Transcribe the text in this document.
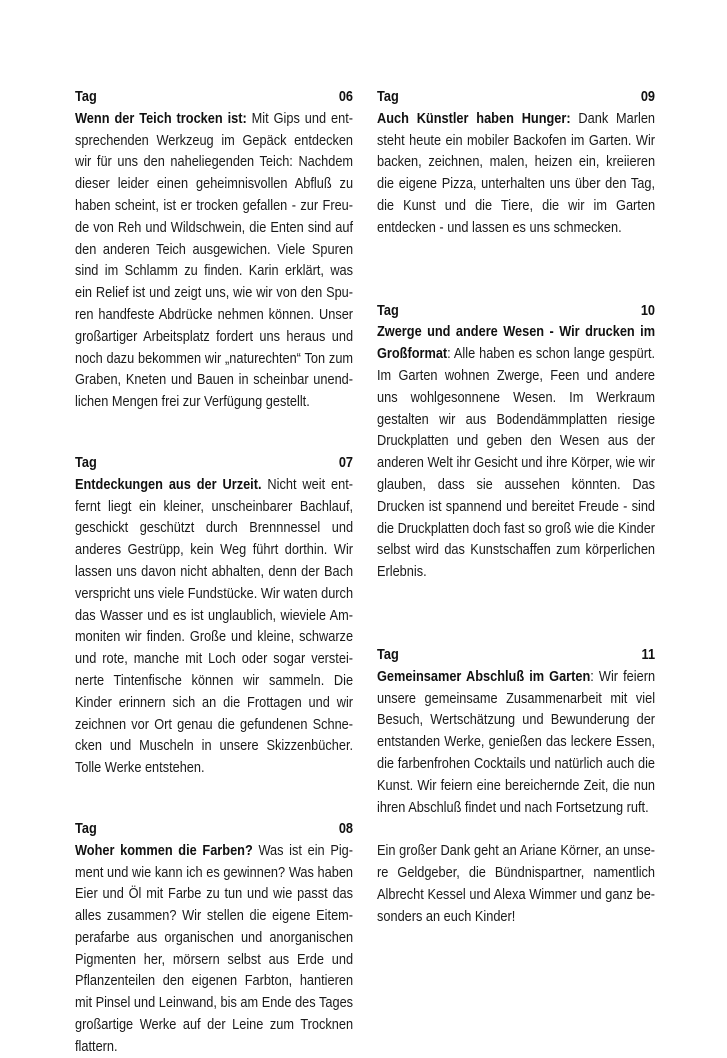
Tag	06
Wenn der Teich trocken ist: Mit Gips und entsprechenden Werkzeug im Gepäck entdecken wir für uns den naheliegenden Teich: Nachdem dieser leider einen geheimnisvollen Abfluß zu haben scheint, ist er trocken gefallen - zur Freude von Reh und Wildschwein, die Enten sind auf den anderen Teich ausgewichen. Viele Spuren sind im Schlamm zu finden. Karin erklärt, was ein Relief ist und zeigt uns, wie wir von den Spuren handfeste Abdrücke nehmen können. Unser großartiger Arbeitsplatz fordert uns heraus und noch dazu bekommen wir „naturechten“ Ton zum Graben, Kneten und Bauen in scheinbar unendlichen Mengen frei zur Verfügung gestellt.
Tag	07
Entdeckungen aus der Urzeit. Nicht weit entfernt liegt ein kleiner, unscheinbarer Bachlauf, geschickt geschützt durch Brennnessel und anderes Gestrüpp, kein Weg führt dorthin. Wir lassen uns davon nicht abhalten, denn der Bach verspricht uns viele Fundstücke. Wir waten durch das Wasser und es ist unglaublich, wieviele Ammoniten wir finden. Große und kleine, schwarze und rote, manche mit Loch oder sogar versteinerte Tintenfische können wir sammeln. Die Kinder erinnern sich an die Frottagen und wir zeichnen vor Ort genau die gefundenen Schnecken und Muscheln in unsere Skizzenbücher. Tolle Werke entstehen.
Tag	08
Woher kommen die Farben? Was ist ein Pigment und wie kann ich es gewinnen? Was haben Eier und Öl mit Farbe zu tun und wie passt das alles zusammen? Wir stellen die eigene Eitemperafarbe aus organischen und anorganischen Pigmenten her, mörsern selbst aus Erde und Pflanzenteilen den eigenen Farbton, hantieren mit Pinsel und Leinwand, bis am Ende des Tages großartige Werke auf der Leine zum Trocknen flattern.
Tag	09
Auch Künstler haben Hunger: Dank Marlen steht heute ein mobiler Backofen im Garten. Wir backen, zeichnen, malen, heizen ein, kreiieren die eigene Pizza, unterhalten uns über den Tag, die Kunst und die Tiere, die wir im Garten entdecken - und lassen es uns schmecken.
Tag	10
Zwerge und andere Wesen - Wir drucken im Großformat: Alle haben es schon lange gespürt. Im Garten wohnen Zwerge, Feen und andere uns wohlgesonnene Wesen. Im Werkraum gestalten wir aus Bodendämmplatten riesige Druckplatten und geben den Wesen aus der anderen Welt ihr Gesicht und ihre Körper, wie wir glauben, dass sie aussehen könnten. Das Drucken ist spannend und bereitet Freude - sind die Druckplatten doch fast so groß wie die Kinder selbst wird das Kunstschaffen zum körperlichen Erlebnis.
Tag	11
Gemeinsamer Abschluß im Garten: Wir feiern unsere gemeinsame Zusammenarbeit mit viel Besuch, Wertschätzung und Bewunderung der entstanden Werke, genießen das leckere Essen, die farbenfrohen Cocktails und natürlich auch die Kunst. Wir feiern eine bereichernde Zeit, die nun ihren Abschluß findet und nach Fortsetzung ruft.

Ein großer Dank geht an Ariane Körner, an unsere Geldgeber, die Bündnispartner, namentlich Albrecht Kessel und Alexa Wimmer und ganz besonders an euch Kinder!
